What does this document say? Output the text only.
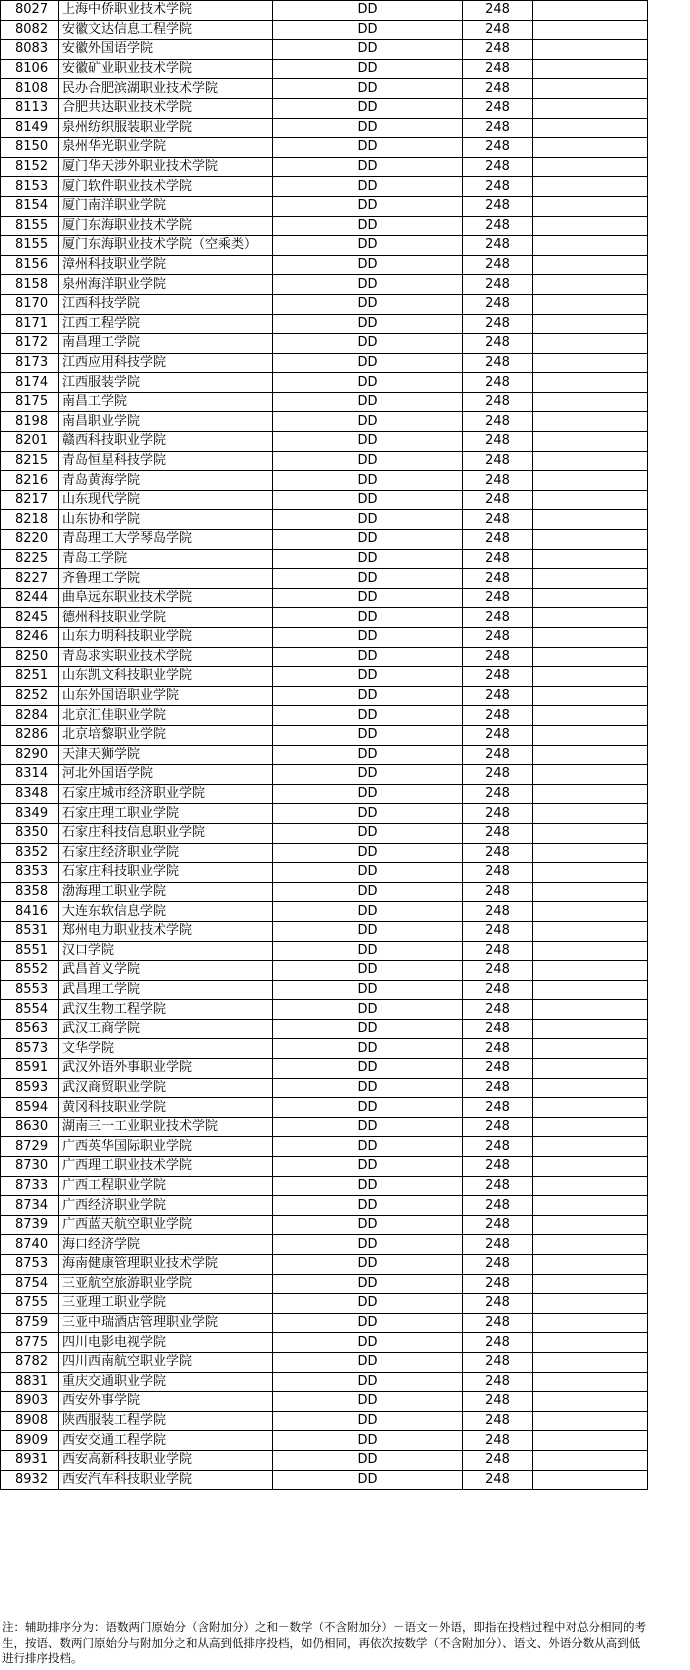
8027	上海中侨职业技术学院	DD	248	
8082	安徽文达信息工程学院	DD	248	
8083	安徽外国语学院	DD	248	
8106	安徽矿业职业技术学院	DD	248	
8108	民办合肥滨湖职业技术学院	DD	248	
8113	合肥共达职业技术学院	DD	248	
8149	泉州纺织服装职业学院	DD	248	
8150	泉州华光职业学院	DD	248	
8152	厦门华天涉外职业技术学院	DD	248	
8153	厦门软件职业技术学院	DD	248	
8154	厦门南洋职业学院	DD	248	
8155	厦门东海职业技术学院	DD	248	
8155	厦门东海职业技术学院（空乘类）	DD	248	
8156	漳州科技职业学院	DD	248	
8158	泉州海洋职业学院	DD	248	
8170	江西科技学院	DD	248	
8171	江西工程学院	DD	248	
8172	南昌理工学院	DD	248	
8173	江西应用科技学院	DD	248	
8174	江西服装学院	DD	248	
8175	南昌工学院	DD	248	
8198	南昌职业学院	DD	248	
8201	赣西科技职业学院	DD	248	
8215	青岛恒星科技学院	DD	248	
8216	青岛黄海学院	DD	248	
8217	山东现代学院	DD	248	
8218	山东协和学院	DD	248	
8220	青岛理工大学琴岛学院	DD	248	
8225	青岛工学院	DD	248	
8227	齐鲁理工学院	DD	248	
8244	曲阜远东职业技术学院	DD	248	
8245	德州科技职业学院	DD	248	
8246	山东力明科技职业学院	DD	248	
8250	青岛求实职业技术学院	DD	248	
8251	山东凯文科技职业学院	DD	248	
8252	山东外国语职业学院	DD	248	
8284	北京汇佳职业学院	DD	248	
8286	北京培黎职业学院	DD	248	
8290	天津天狮学院	DD	248	
8314	河北外国语学院	DD	248	
8348	石家庄城市经济职业学院	DD	248	
8349	石家庄理工职业学院	DD	248	
8350	石家庄科技信息职业学院	DD	248	
8352	石家庄经济职业学院	DD	248	
8353	石家庄科技职业学院	DD	248	
8358	渤海理工职业学院	DD	248	
8416	大连东软信息学院	DD	248	
8531	郑州电力职业技术学院	DD	248	
8551	汉口学院	DD	248	
8552	武昌首义学院	DD	248	
8553	武昌理工学院	DD	248	
8554	武汉生物工程学院	DD	248	
8563	武汉工商学院	DD	248	
8573	文华学院	DD	248	
8591	武汉外语外事职业学院	DD	248	
8593	武汉商贸职业学院	DD	248	
8594	黄冈科技职业学院	DD	248	
8630	湖南三一工业职业技术学院	DD	248	
8729	广西英华国际职业学院	DD	248	
8730	广西理工职业技术学院	DD	248	
8733	广西工程职业学院	DD	248	
8734	广西经济职业学院	DD	248	
8739	广西蓝天航空职业学院	DD	248	
8740	海口经济学院	DD	248	
8753	海南健康管理职业技术学院	DD	248	
8754	三亚航空旅游职业学院	DD	248	
8755	三亚理工职业学院	DD	248	
8759	三亚中瑞酒店管理职业学院	DD	248	
8775	四川电影电视学院	DD	248	
8782	四川西南航空职业学院	DD	248	
8831	重庆交通职业学院	DD	248	
8903	西安外事学院	DD	248	
8908	陕西服装工程学院	DD	248	
8909	西安交通工程学院	DD	248	
8931	西安高新科技职业学院	DD	248	
8932	西安汽车科技职业学院	DD	248	
注：辅助排序分为：语数两门原始分（含附加分）之和－数学（不含附加分）－语文－外语，即指在投档过程中对总分相同的考生，按语、数两门原始分与附加分之和从高到低排序投档，如仍相同，再依次按数学（不含附加分）、语文、外语分数从高到低进行排序投档。
